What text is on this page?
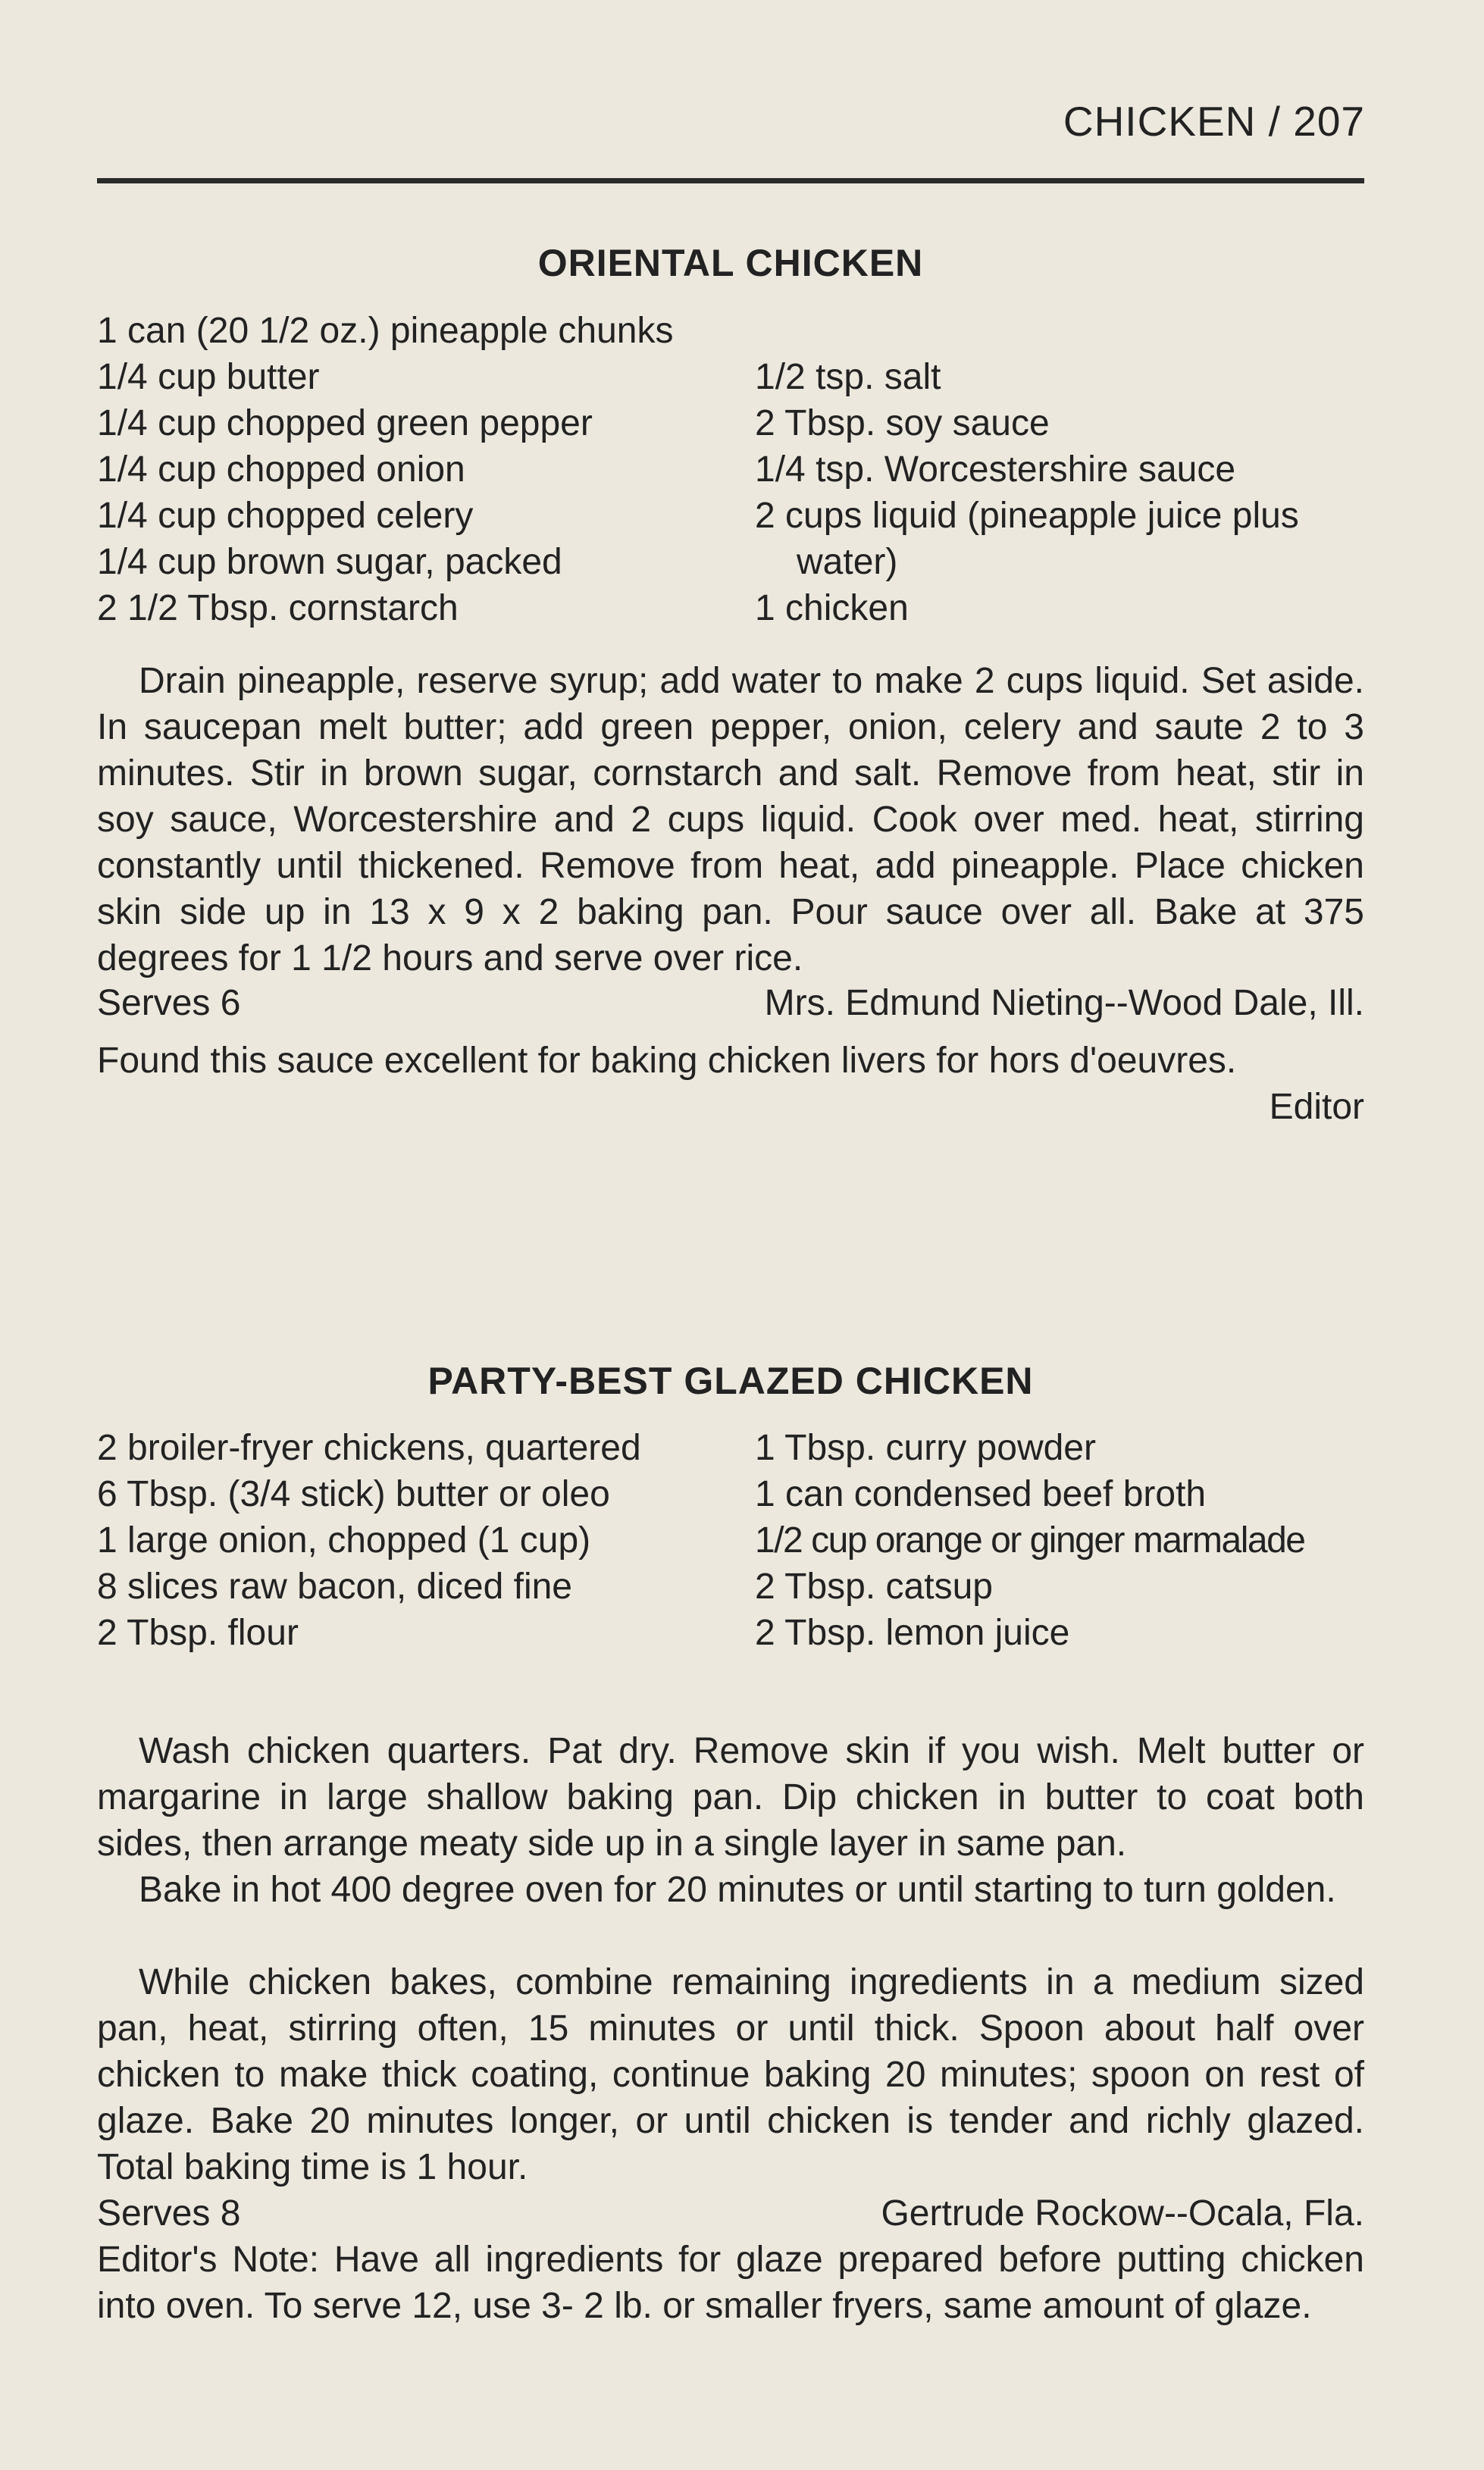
CHICKEN / 207
ORIENTAL CHICKEN
1 can (20 1/2 oz.) pineapple chunks
1/4 cup butter
1/4 cup chopped green pepper
1/4 cup chopped onion
1/4 cup chopped celery
1/4 cup brown sugar, packed
2 1/2 Tbsp. cornstarch
1/2 tsp. salt
2 Tbsp. soy sauce
1/4 tsp. Worcestershire sauce
2 cups liquid (pineapple juice plus
water)
1 chicken
Drain pineapple, reserve syrup; add water to make 2 cups liquid. Set aside. In saucepan melt butter; add green pepper, onion, celery and saute 2 to 3 minutes. Stir in brown sugar, cornstarch and salt. Remove from heat, stir in soy sauce, Worcestershire and 2 cups liquid. Cook over med. heat, stirring constantly until thickened. Remove from heat, add pineapple. Place chicken skin side up in 13 x 9 x 2 baking pan. Pour sauce over all. Bake at 375 degrees for 1 1/2 hours and serve over rice.
Serves 6	Mrs. Edmund Nieting--Wood Dale, Ill.
Found this sauce excellent for baking chicken livers for hors d'oeuvres.
Editor
PARTY-BEST GLAZED CHICKEN
2 broiler-fryer chickens, quartered
6 Tbsp. (3/4 stick) butter or oleo
1 large onion, chopped (1 cup)
8 slices raw bacon, diced fine
2 Tbsp. flour
1 Tbsp. curry powder
1 can condensed beef broth
1/2 cup orange or ginger marmalade
2 Tbsp. catsup
2 Tbsp. lemon juice
Wash chicken quarters. Pat dry. Remove skin if you wish. Melt butter or margarine in large shallow baking pan. Dip chicken in butter to coat both sides, then arrange meaty side up in a single layer in same pan.
Bake in hot 400 degree oven for 20 minutes or until starting to turn golden.
While chicken bakes, combine remaining ingredients in a medium sized pan, heat, stirring often, 15 minutes or until thick. Spoon about half over chicken to make thick coating, continue baking 20 minutes; spoon on rest of glaze. Bake 20 minutes longer, or until chicken is tender and richly glazed. Total baking time is 1 hour.
Serves 8	Gertrude Rockow--Ocala, Fla.
Editor's Note: Have all ingredients for glaze prepared before putting chicken into oven. To serve 12, use 3- 2 lb. or smaller fryers, same amount of glaze.
